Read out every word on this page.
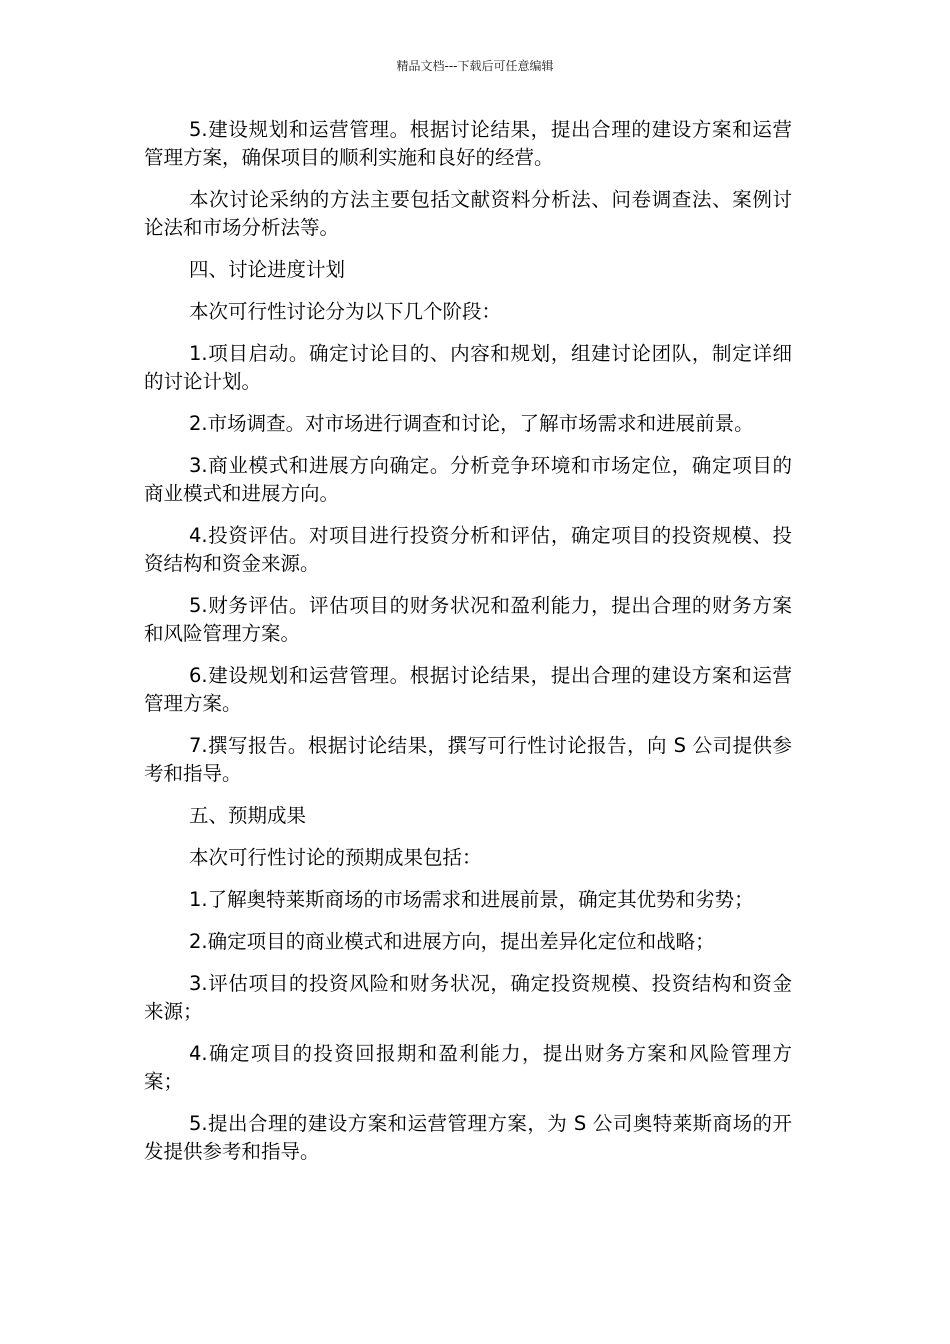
精品文档---下载后可任意编辑

5.建设规划和运营管理。根据讨论结果，提出合理的建设方案和运营管理方案，确保项目的顺利实施和良好的经营。

本次讨论采纳的方法主要包括文献资料分析法、问卷调查法、案例讨论法和市场分析法等。

四、讨论进度计划

本次可行性讨论分为以下几个阶段：

1.项目启动。确定讨论目的、内容和规划，组建讨论团队，制定详细的讨论计划。

2.市场调查。对市场进行调查和讨论，了解市场需求和进展前景。

3.商业模式和进展方向确定。分析竞争环境和市场定位，确定项目的商业模式和进展方向。

4.投资评估。对项目进行投资分析和评估，确定项目的投资规模、投资结构和资金来源。

5.财务评估。评估项目的财务状况和盈利能力，提出合理的财务方案和风险管理方案。

6.建设规划和运营管理。根据讨论结果，提出合理的建设方案和运营管理方案。

7.撰写报告。根据讨论结果，撰写可行性讨论报告，向 S 公司提供参考和指导。

五、预期成果

本次可行性讨论的预期成果包括：

1.了解奥特莱斯商场的市场需求和进展前景，确定其优势和劣势；

2.确定项目的商业模式和进展方向，提出差异化定位和战略；

3.评估项目的投资风险和财务状况，确定投资规模、投资结构和资金来源；

4.确定项目的投资回报期和盈利能力，提出财务方案和风险管理方案；

5.提出合理的建设方案和运营管理方案，为 S 公司奥特莱斯商场的开发提供参考和指导。
